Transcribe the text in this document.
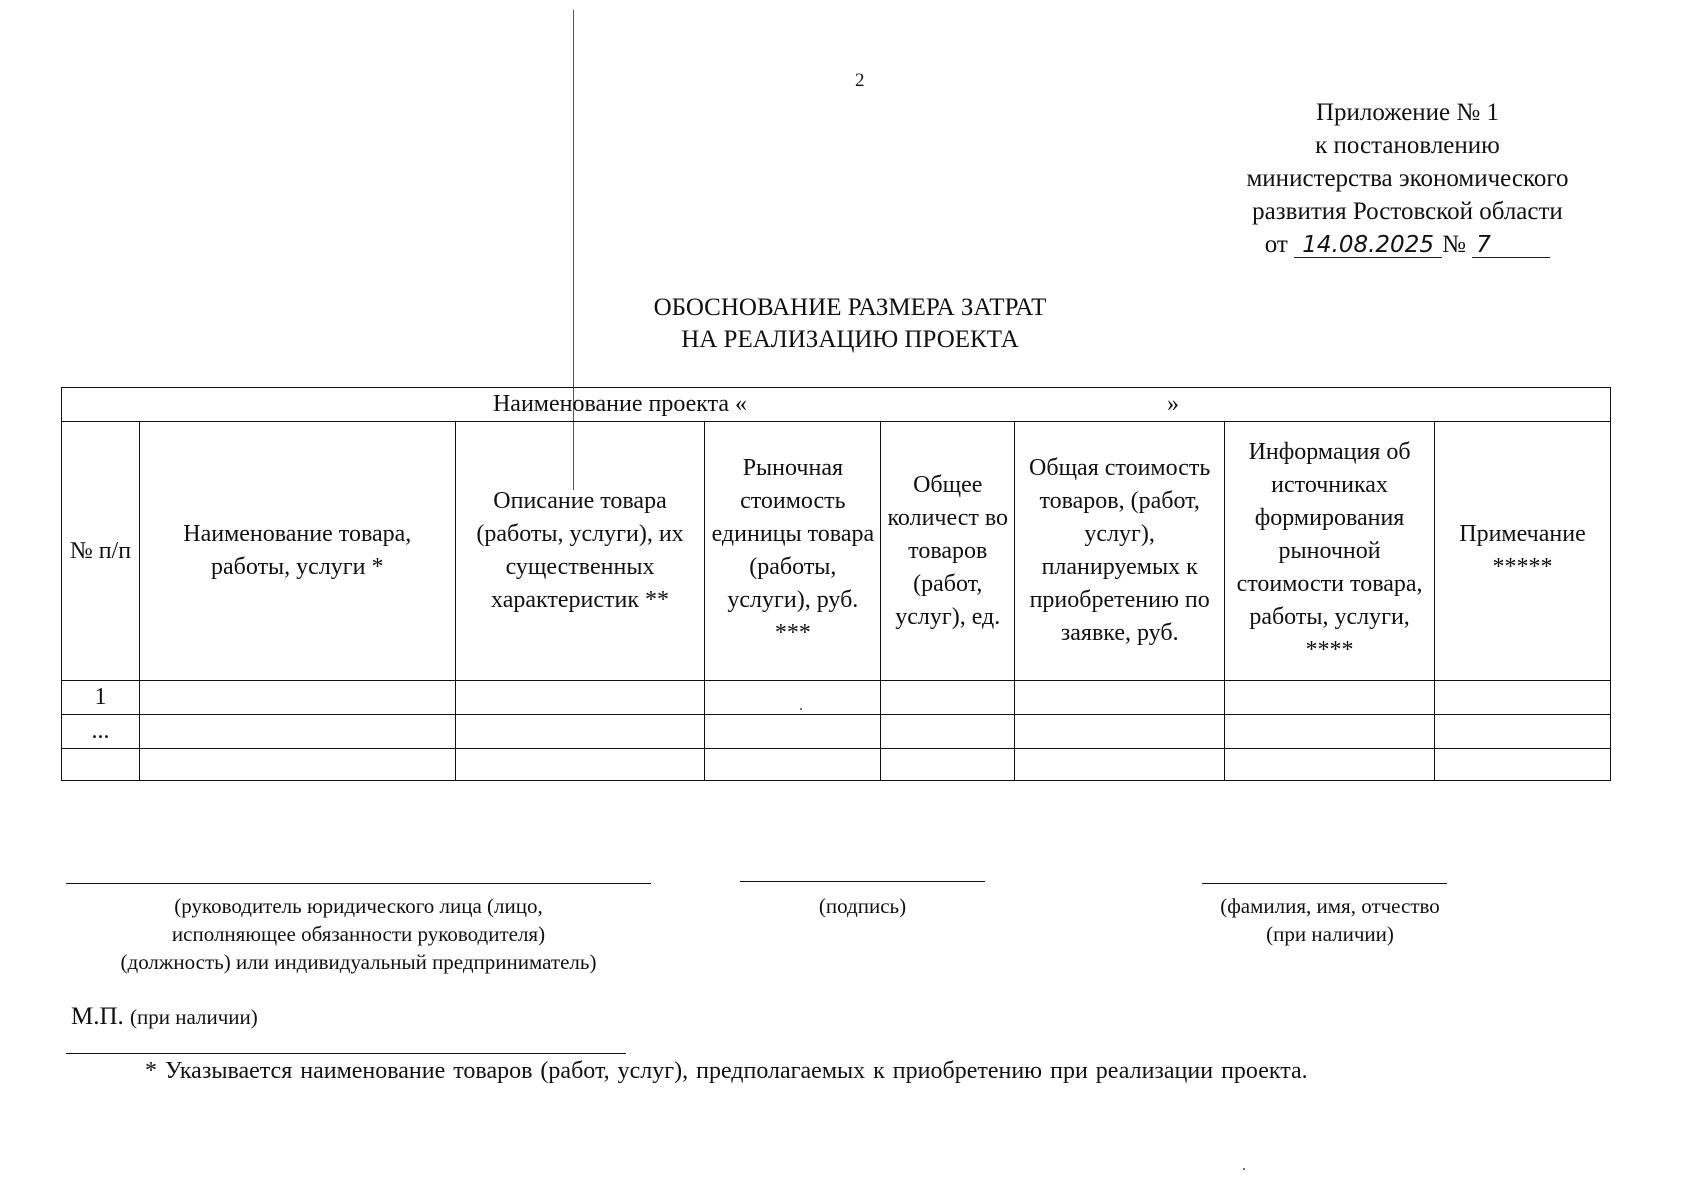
2
Приложение № 1
к постановлению
министерства экономического
развития Ростовской области
от 14.08.2025 № 7
ОБОСНОВАНИЕ РАЗМЕРА ЗАТРАТ
НА РЕАЛИЗАЦИЮ ПРОЕКТА
Наименование проекта « »							
№ п/п	Наименование товара, работы, услуги *	Описание товара (работы, услуги), их существенных характеристик **	Рыночная стоимость единицы товара (работы, услуги), руб. ***	Общее количест во товаров (работ, услуг), ед.	Общая стоимость товаров, (работ, услуг), планируемых к приобретению по заявке, руб.	Информация об источниках формирования рыночной стоимости товара, работы, услуги, ****	Примечание *****
1							
...							

(руководитель юридического лица (лицо,
исполняющее обязанности руководителя)
(должность) или индивидуальный предприниматель)
(подпись)	(фамилия, имя, отчество
(при наличии)
М.П. (при наличии)
* Указывается наименование товаров (работ, услуг), предполагаемых к приобретению при реализации проекта.
